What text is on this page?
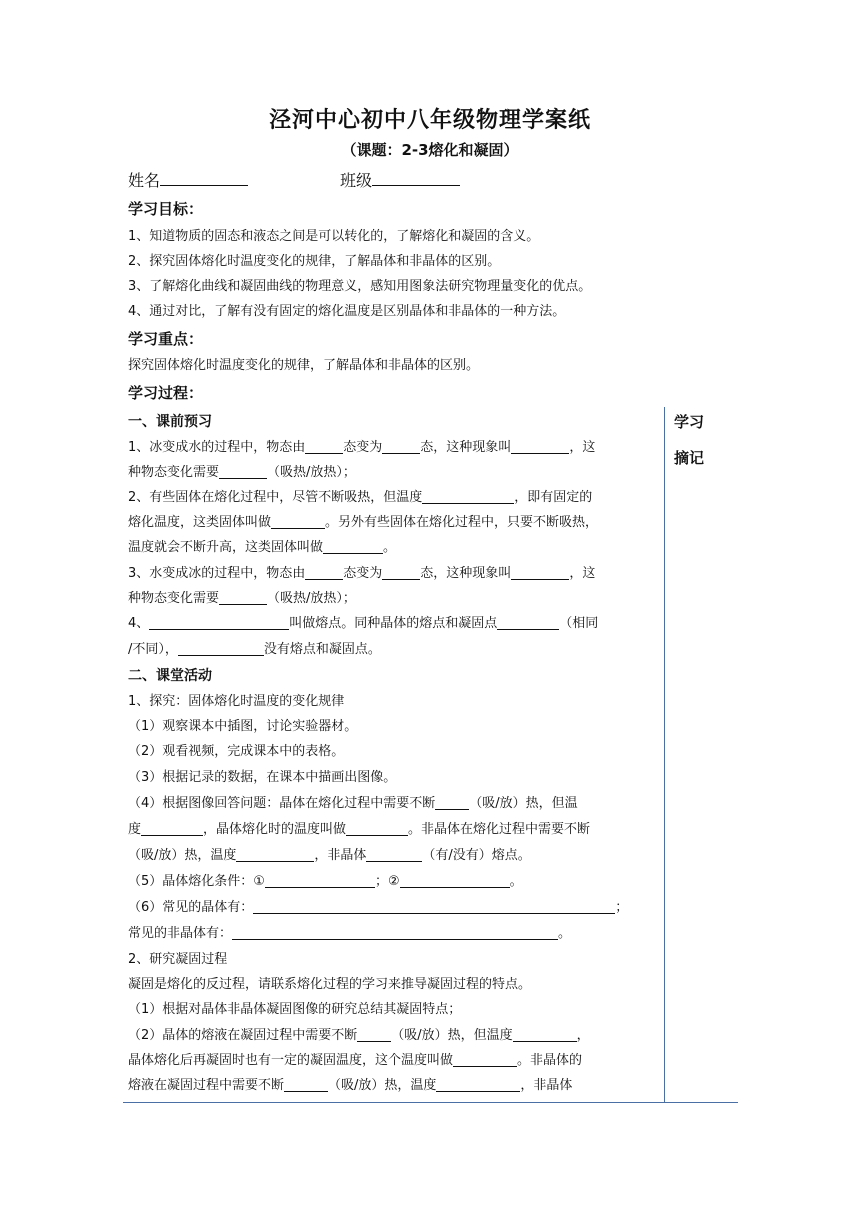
泾河中心初中八年级物理学案纸
（课题：2-3熔化和凝固）
姓名	班级
学习目标：
1、知道物质的固态和液态之间是可以转化的，了解熔化和凝固的含义。
2、探究固体熔化时温度变化的规律，了解晶体和非晶体的区别。
3、了解熔化曲线和凝固曲线的物理意义，感知用图象法研究物理量变化的优点。
4、通过对比，了解有没有固定的熔化温度是区别晶体和非晶体的一种方法。
学习重点：
探究固体熔化时温度变化的规律，了解晶体和非晶体的区别。
学习过程：
学习
摘记
一、课前预习
1、冰变成水的过程中，物态由	态变为	态，这种现象叫	，这
种物态变化需要	（吸热/放热）；
2、有些固体在熔化过程中，尽管不断吸热，但温度	，即有固定的
熔化温度，这类固体叫做	。另外有些固体在熔化过程中，只要不断吸热，
温度就会不断升高，这类固体叫做	。
3、水变成冰的过程中，物态由	态变为	态，这种现象叫	，这
种物态变化需要	（吸热/放热）；
4、	叫做熔点。同种晶体的熔点和凝固点	（相同
/不同），	没有熔点和凝固点。
二、课堂活动
1、探究：固体熔化时温度的变化规律
（1）观察课本中插图，讨论实验器材。
（2）观看视频，完成课本中的表格。
（3）根据记录的数据，在课本中描画出图像。
（4）根据图像回答问题：晶体在熔化过程中需要不断	（吸/放）热，但温
度	，晶体熔化时的温度叫做	。非晶体在熔化过程中需要不断
（吸/放）热，温度	，非晶体	（有/没有）熔点。
（5）晶体熔化条件：①	；②	。
（6）常见的晶体有：	；
常见的非晶体有：	。
2、研究凝固过程
凝固是熔化的反过程，请联系熔化过程的学习来推导凝固过程的特点。
（1）根据对晶体非晶体凝固图像的研究总结其凝固特点；
（2）晶体的熔液在凝固过程中需要不断	（吸/放）热，但温度	，
晶体熔化后再凝固时也有一定的凝固温度，这个温度叫做	。非晶体的
熔液在凝固过程中需要不断	（吸/放）热，温度	，非晶体
